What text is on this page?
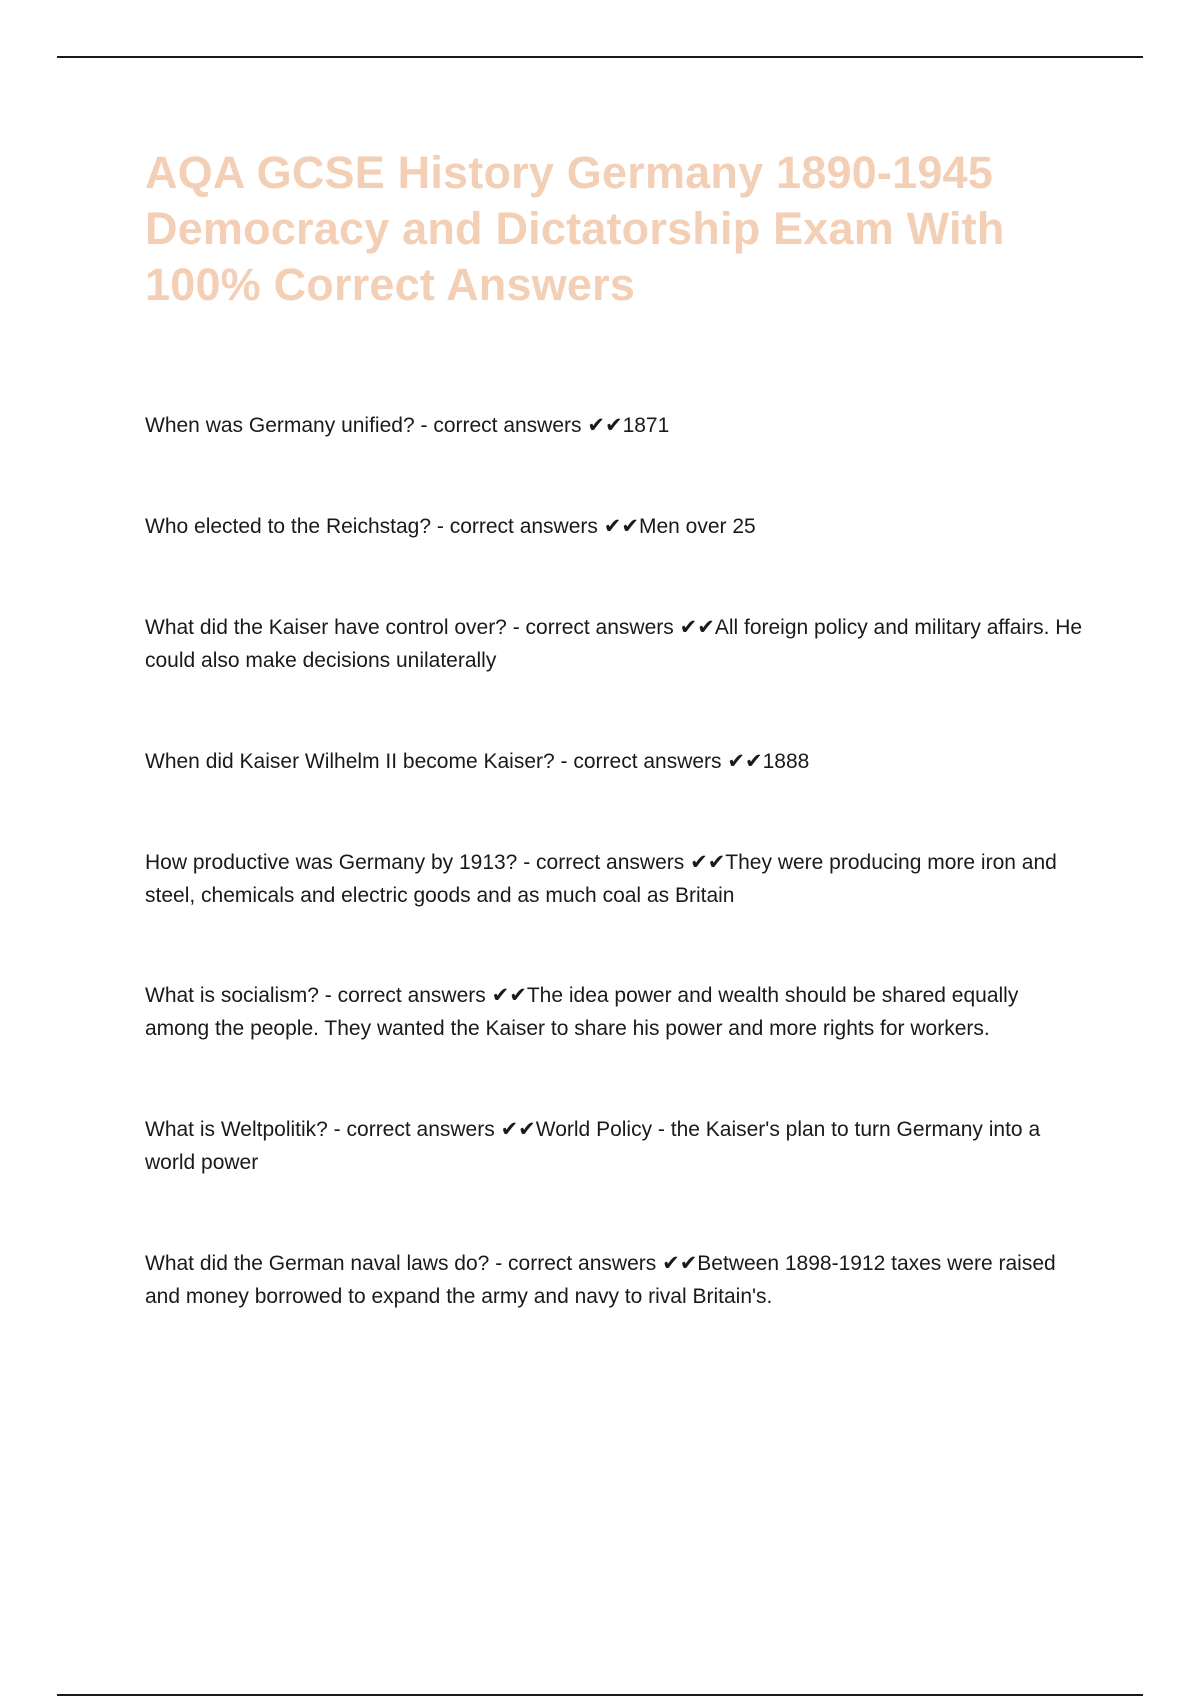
AQA GCSE History Germany 1890-1945 Democracy and Dictatorship Exam With 100% Correct Answers

When was Germany unified? - correct answers ✔✔1871

Who elected to the Reichstag? - correct answers ✔✔Men over 25

What did the Kaiser have control over? - correct answers ✔✔All foreign policy and military affairs. He could also make decisions unilaterally

When did Kaiser Wilhelm II become Kaiser? - correct answers ✔✔1888

How productive was Germany by 1913? - correct answers ✔✔They were producing more iron and steel, chemicals and electric goods and as much coal as Britain

What is socialism? - correct answers ✔✔The idea power and wealth should be shared equally among the people. They wanted the Kaiser to share his power and more rights for workers.

What is Weltpolitik? - correct answers ✔✔World Policy - the Kaiser's plan to turn Germany into a world power

What did the German naval laws do? - correct answers ✔✔Between 1898-1912 taxes were raised and money borrowed to expand the army and navy to rival Britain's.
